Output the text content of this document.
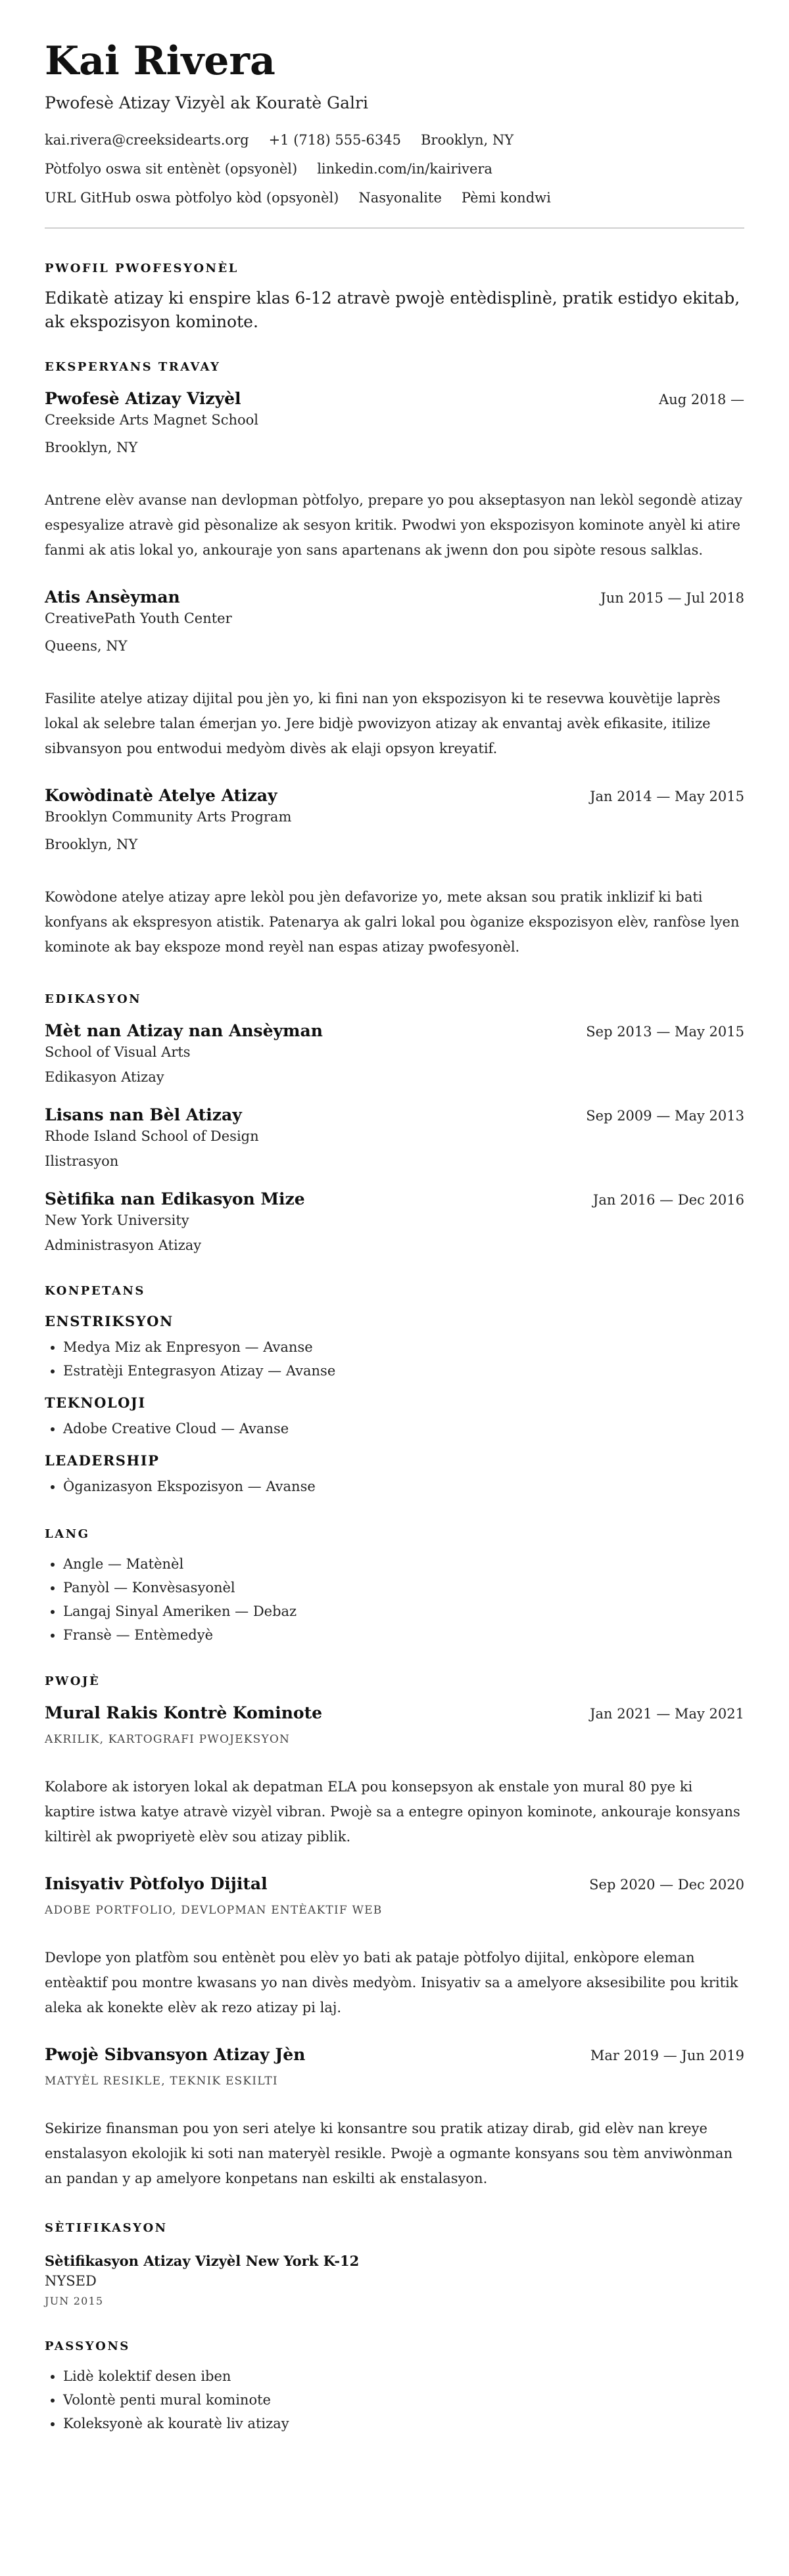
Kai Rivera
Pwofesè Atizay Vizyèl ak Kouratè Galri
kai.rivera@creeksidearts.org +1 (718) 555-6345 Brooklyn, NY
Pòtfolyo oswa sit entènèt (opsyonèl) linkedin.com/in/kairivera
URL GitHub oswa pòtfolyo kòd (opsyonèl) Nasyonalite Pèmi kondwi
PWOFIL PWOFESYONÈL

Edikatè atizay ki enspire klas 6-12 atravè pwojè entèdisplinè, pratik estidyo ekitab, ak ekspozisyon kominote.

EKSPERYANS TRAVAY
Pwofesè Atizay Vizyèl	Aug 2018 —
Creekside Arts Magnet School
Brooklyn, NY

Antrene elèv avanse nan devlopman pòtfolyo, prepare yo pou akseptasyon nan lekòl segondè atizay espesyalize atravè gid pèsonalize ak sesyon kritik. Pwodwi yon ekspozisyon kominote anyèl ki atire fanmi ak atis lokal yo, ankouraje yon sans apartenans ak jwenn don pou sipòte resous salklas.

Atis Ansèyman	Jun 2015 — Jul 2018
CreativePath Youth Center
Queens, NY

Fasilite atelye atizay dijital pou jèn yo, ki fini nan yon ekspozisyon ki te resevwa kouvètije laprès lokal ak selebre talan émerjan yo. Jere bidjè pwovizyon atizay ak envantaj avèk efikasite, itilize sibvansyon pou entwodui medyòm divès ak elaji opsyon kreyatif.

Kowòdinatè Atelye Atizay	Jan 2014 — May 2015
Brooklyn Community Arts Program
Brooklyn, NY

Kowòdone atelye atizay apre lekòl pou jèn defavorize yo, mete aksan sou pratik inklizif ki bati konfyans ak ekspresyon atistik. Patenarya ak galri lokal pou òganize ekspozisyon elèv, ranfòse lyen kominote ak bay ekspoze mond reyèl nan espas atizay pwofesyonèl.

EDIKASYON
Mèt nan Atizay nan Ansèyman	Sep 2013 — May 2015
School of Visual Arts
Edikasyon Atizay
Lisans nan Bèl Atizay	Sep 2009 — May 2013
Rhode Island School of Design
Ilistrasyon
Sètifika nan Edikasyon Mize	Jan 2016 — Dec 2016
New York University
Administrasyon Atizay
KONPETANS
ENSTRIKSYON
• Medya Miz ak Enpresyon — Avanse
• Estratèji Entegrasyon Atizay — Avanse
TEKNOLOJI
• Adobe Creative Cloud — Avanse
LEADERSHIP
• Òganizasyon Ekspozisyon — Avanse
LANG
• Angle — Matènèl
• Panyòl — Konvèsasyonèl
• Langaj Sinyal Ameriken — Debaz
• Fransè — Entèmedyè
PWOJÈ
Mural Rakis Kontrè Kominote	Jan 2021 — May 2021
AKRILIK, KARTOGRAFI PWOJEKSYON

Kolabore ak istoryen lokal ak depatman ELA pou konsepsyon ak enstale yon mural 80 pye ki kaptire istwa katye atravè vizyèl vibran. Pwojè sa a entegre opinyon kominote, ankouraje konsyans kiltirèl ak pwopriyetè elèv sou atizay piblik.

Inisyativ Pòtfolyo Dijital	Sep 2020 — Dec 2020
ADOBE PORTFOLIO, DEVLOPMAN ENTÈAKTIF WEB

Devlope yon platfòm sou entènèt pou elèv yo bati ak pataje pòtfolyo dijital, enkòpore eleman entèaktif pou montre kwasans yo nan divès medyòm. Inisyativ sa a amelyore aksesibilite pou kritik aleka ak konekte elèv ak rezo atizay pi laj.

Pwojè Sibvansyon Atizay Jèn	Mar 2019 — Jun 2019
MATYÈL RESIKLE, TEKNIK ESKILTI

Sekirize finansman pou yon seri atelye ki konsantre sou pratik atizay dirab, gid elèv nan kreye enstalasyon ekolojik ki soti nan materyèl resikle. Pwojè a ogmante konsyans sou tèm anviwònman an pandan y ap amelyore konpetans nan eskilti ak enstalasyon.

SÈTIFIKASYON
Sètifikasyon Atizay Vizyèl New York K-12
NYSED
JUN 2015
PASSYONS
• Lidè kolektif desen iben
• Volontè penti mural kominote
• Koleksyonè ak kouratè liv atizay
